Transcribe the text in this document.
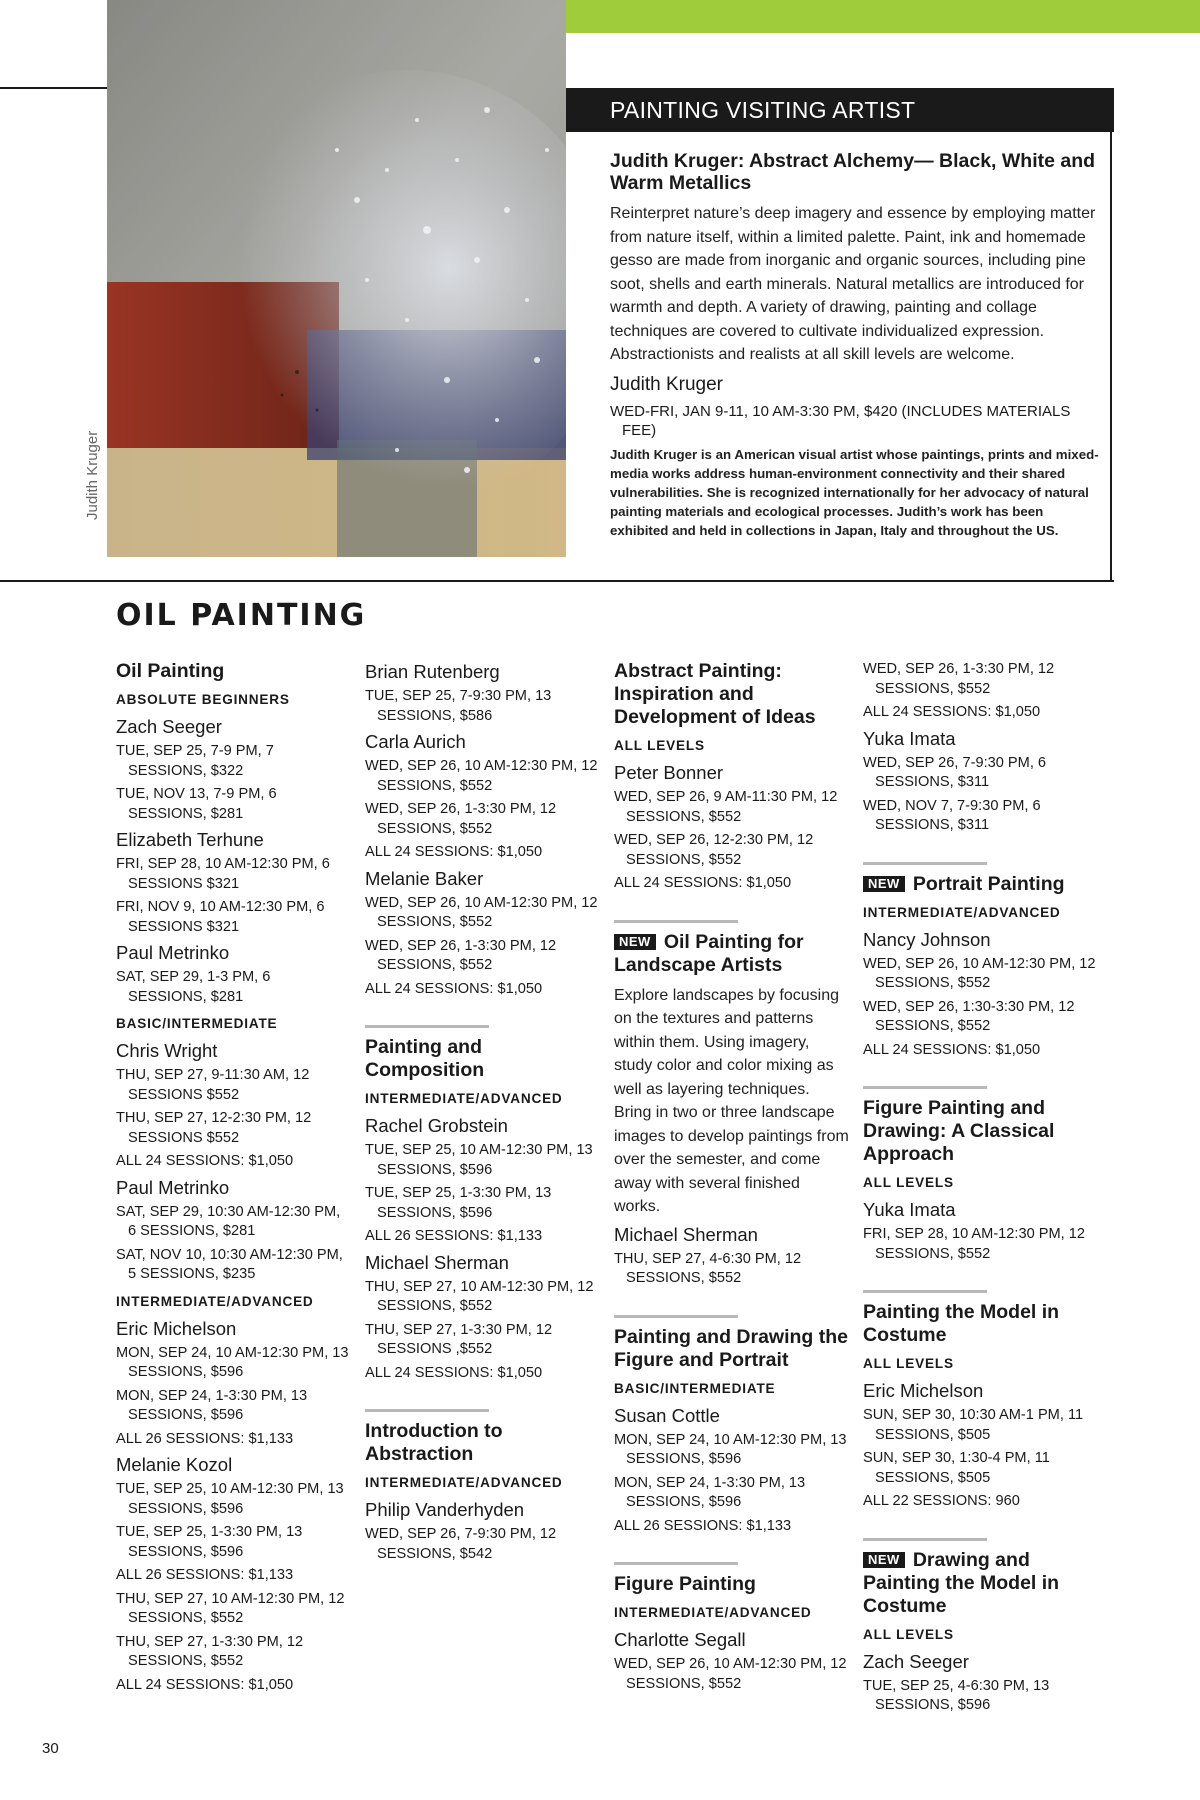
Judith Kruger
PAINTING VISITING ARTIST

Judith Kruger: Abstract Alchemy— Black, White and Warm Metallics

Reinterpret nature’s deep imagery and essence by employing matter from nature itself, within a limited palette. Paint, ink and homemade gesso are made from inorganic and organic sources, including pine soot, shells and earth minerals. Natural metallics are introduced for warmth and depth. A variety of drawing, painting and collage techniques are covered to cultivate individualized expression. Abstractionists and realists at all skill levels are welcome.

Judith Kruger

WED-FRI, JAN 9-11, 10 AM-3:30 PM, $420 (INCLUDES MATERIALS FEE)

Judith Kruger is an American visual artist whose paintings, prints and mixed-media works address human-environment connectivity and their shared vulnerabilities. She is recognized internationally for her advocacy of natural painting materials and ecological processes. Judith’s work has been exhibited and held in collections in Japan, Italy and throughout the US.

OIL PAINTING

Oil Painting

ABSOLUTE BEGINNERS

Zach Seeger

TUE, SEP 25, 7-9 PM, 7 SESSIONS, $322

TUE, NOV 13, 7-9 PM, 6 SESSIONS, $281

Elizabeth Terhune

FRI, SEP 28, 10 AM-12:30 PM, 6 SESSIONS $321

FRI, NOV 9, 10 AM-12:30 PM, 6 SESSIONS $321

Paul Metrinko

SAT, SEP 29, 1-3 PM, 6 SESSIONS, $281

BASIC/INTERMEDIATE

Chris Wright

THU, SEP 27, 9-11:30 AM, 12 SESSIONS $552

THU, SEP 27, 12-2:30 PM, 12 SESSIONS $552

ALL 24 SESSIONS: $1,050

Paul Metrinko

SAT, SEP 29, 10:30 AM-12:30 PM, 6 SESSIONS, $281

SAT, NOV 10, 10:30 AM-12:30 PM, 5 SESSIONS, $235

INTERMEDIATE/ADVANCED

Eric Michelson

MON, SEP 24, 10 AM-12:30 PM, 13 SESSIONS, $596

MON, SEP 24, 1-3:30 PM, 13 SESSIONS, $596

ALL 26 SESSIONS: $1,133

Melanie Kozol

TUE, SEP 25, 10 AM-12:30 PM, 13 SESSIONS, $596

TUE, SEP 25, 1-3:30 PM, 13 SESSIONS, $596

ALL 26 SESSIONS: $1,133

THU, SEP 27, 10 AM-12:30 PM, 12 SESSIONS, $552

THU, SEP 27, 1-3:30 PM, 12 SESSIONS, $552

ALL 24 SESSIONS: $1,050

Brian Rutenberg

TUE, SEP 25, 7-9:30 PM, 13 SESSIONS, $586

Carla Aurich

WED, SEP 26, 10 AM-12:30 PM, 12 SESSIONS, $552

WED, SEP 26, 1-3:30 PM, 12 SESSIONS, $552

ALL 24 SESSIONS: $1,050

Melanie Baker

WED, SEP 26, 10 AM-12:30 PM, 12 SESSIONS, $552

WED, SEP 26, 1-3:30 PM, 12 SESSIONS, $552

ALL 24 SESSIONS: $1,050

Painting and Composition

INTERMEDIATE/ADVANCED

Rachel Grobstein

TUE, SEP 25, 10 AM-12:30 PM, 13 SESSIONS, $596

TUE, SEP 25, 1-3:30 PM, 13 SESSIONS, $596

ALL 26 SESSIONS: $1,133

Michael Sherman

THU, SEP 27, 10 AM-12:30 PM, 12 SESSIONS, $552

THU, SEP 27, 1-3:30 PM, 12 SESSIONS ,$552

ALL 24 SESSIONS: $1,050

Introduction to Abstraction

INTERMEDIATE/ADVANCED

Philip Vanderhyden

WED, SEP 26, 7-9:30 PM, 12 SESSIONS, $542

Abstract Painting: Inspiration and Development of Ideas

ALL LEVELS

Peter Bonner

WED, SEP 26, 9 AM-11:30 PM, 12 SESSIONS, $552

WED, SEP 26, 12-2:30 PM, 12 SESSIONS, $552

ALL 24 SESSIONS: $1,050

NEW Oil Painting for Landscape Artists

Explore landscapes by focusing on the textures and patterns within them. Using imagery, study color and color mixing as well as layering techniques. Bring in two or three landscape images to develop paintings from over the semester, and come away with several finished works.

Michael Sherman

THU, SEP 27, 4-6:30 PM, 12 SESSIONS, $552

Painting and Drawing the Figure and Portrait

BASIC/INTERMEDIATE

Susan Cottle

MON, SEP 24, 10 AM-12:30 PM, 13 SESSIONS, $596

MON, SEP 24, 1-3:30 PM, 13 SESSIONS, $596

ALL 26 SESSIONS: $1,133

Figure Painting

INTERMEDIATE/ADVANCED

Charlotte Segall

WED, SEP 26, 10 AM-12:30 PM, 12 SESSIONS, $552

WED, SEP 26, 1-3:30 PM, 12 SESSIONS, $552

ALL 24 SESSIONS: $1,050

Yuka Imata

WED, SEP 26, 7-9:30 PM, 6 SESSIONS, $311

WED, NOV 7, 7-9:30 PM, 6 SESSIONS, $311

NEW Portrait Painting

INTERMEDIATE/ADVANCED

Nancy Johnson

WED, SEP 26, 10 AM-12:30 PM, 12 SESSIONS, $552

WED, SEP 26, 1:30-3:30 PM, 12 SESSIONS, $552

ALL 24 SESSIONS: $1,050

Figure Painting and Drawing: A Classical Approach

ALL LEVELS

Yuka Imata

FRI, SEP 28, 10 AM-12:30 PM, 12 SESSIONS, $552

Painting the Model in Costume

ALL LEVELS

Eric Michelson

SUN, SEP 30, 10:30 AM-1 PM, 11 SESSIONS, $505

SUN, SEP 30, 1:30-4 PM, 11 SESSIONS, $505

ALL 22 SESSIONS: 960

NEW Drawing and Painting the Model in Costume

ALL LEVELS

Zach Seeger

TUE, SEP 25, 4-6:30 PM, 13 SESSIONS, $596

30
